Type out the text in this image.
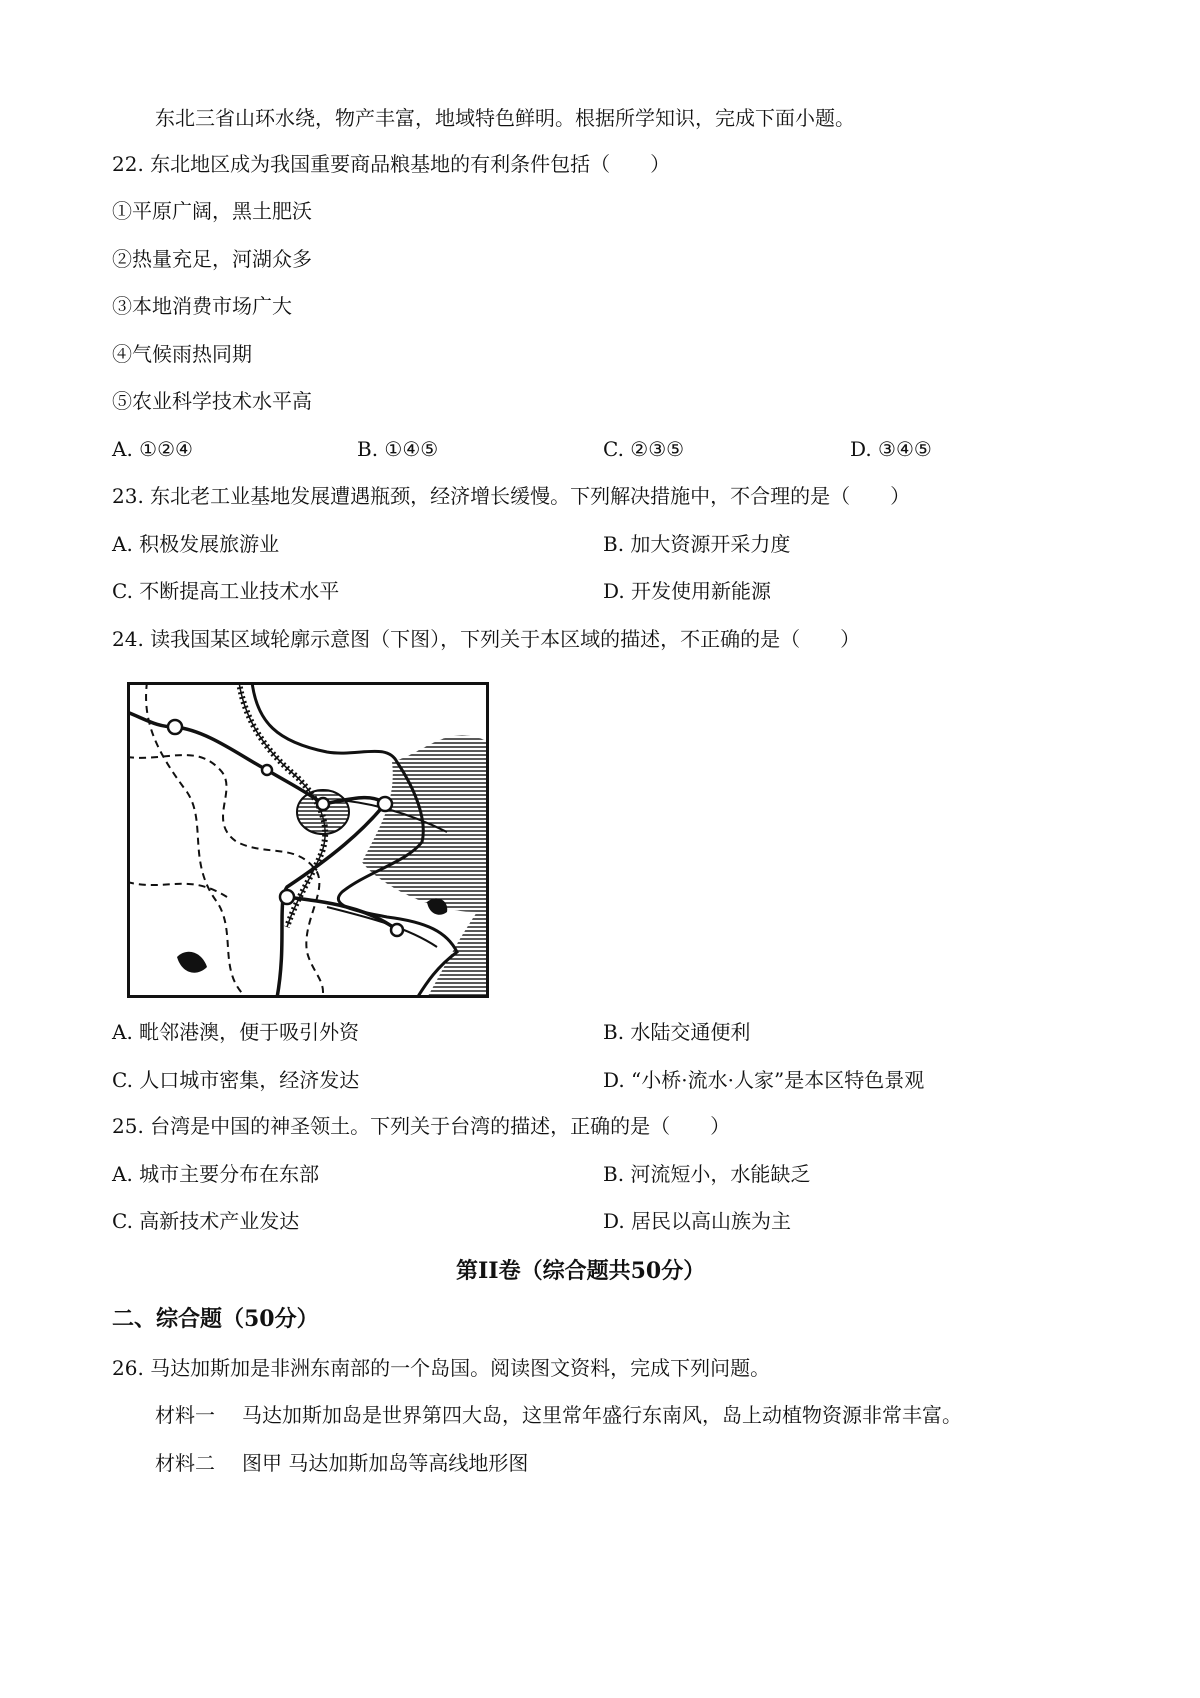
东北三省山环水绕，物产丰富，地域特色鲜明。根据所学知识，完成下面小题。
22. 东北地区成为我国重要商品粮基地的有利条件包括（　　）
①平原广阔，黑土肥沃
②热量充足，河湖众多
③本地消费市场广大
④气候雨热同期
⑤农业科学技术水平高
A. ①②④	B. ①④⑤	C. ②③⑤	D. ③④⑤
23. 东北老工业基地发展遭遇瓶颈，经济增长缓慢。下列解决措施中，不合理的是（　　）
A. 积极发展旅游业	B. 加大资源开采力度
C. 不断提高工业技术水平	D. 开发使用新能源
24. 读我国某区域轮廓示意图（下图），下列关于本区域的描述，不正确的是（　　）
A. 毗邻港澳，便于吸引外资	B. 水陆交通便利
C. 人口城市密集，经济发达	D. “小桥·流水·人家”是本区特色景观
25. 台湾是中国的神圣领土。下列关于台湾的描述，正确的是（　　）
A. 城市主要分布在东部	B. 河流短小，水能缺乏
C. 高新技术产业发达	D. 居民以高山族为主
第II卷（综合题共50分）
二、综合题（50分）
26. 马达加斯加是非洲东南部的一个岛国。阅读图文资料，完成下列问题。
材料一 马达加斯加岛是世界第四大岛，这里常年盛行东南风，岛上动植物资源非常丰富。
材料二 图甲 马达加斯加岛等高线地形图
